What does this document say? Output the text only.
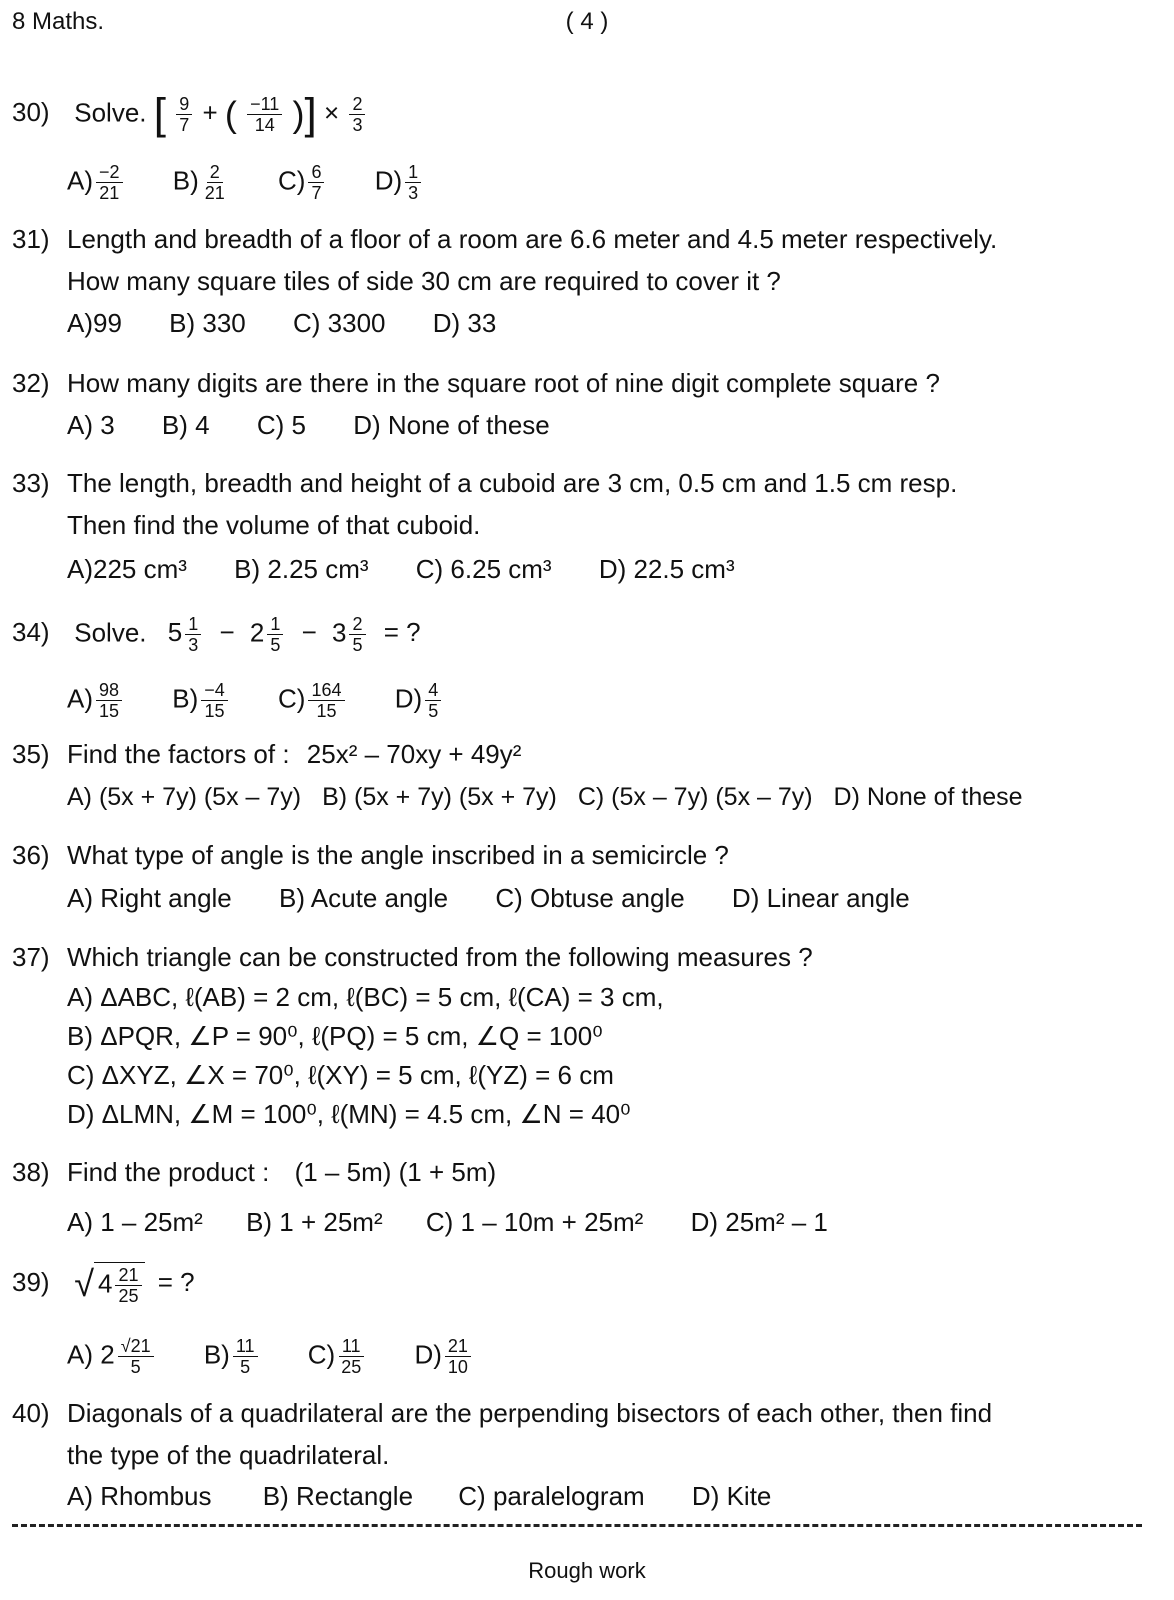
8 Maths.	( 4 )
30) Solve. [ $\frac{9}{7}$ + ( $\frac{-11}{14}$ )] × $\frac{2}{3}$
$A) \frac{-2}{21} B) \frac{2}{21} C) \frac{6}{7} D) \frac{1}{3}$
31) Length and breadth of a floor of a room are 6.6 meter and 4.5 meter respectively.
How many square tiles of side 30 cm are required to cover it ?
A)99 B) 330 C) 3300 D) 33
32) How many digits are there in the square root of nine digit complete square ?
A) 3 B) 4 C) 5 D) None of these
33) The length, breadth and height of a cuboid are 3 cm, 0.5 cm and 1.5 cm resp.
Then find the volume of that cuboid.
A)225 cm³ B) 2.25 cm³ C) 6.25 cm³ D) 22.5 cm³
34) Solve. $5 \frac{1}{3} - 2 \frac{1}{5} - 3 \frac{2}{5}$ = ?
$A) \frac{98}{15} B) \frac{-4}{15} C) \frac{164}{15} D) \frac{4}{5}$
35) Find the factors of : 25x² – 70xy + 49y²
A) (5x + 7y) (5x – 7y) B) (5x + 7y) (5x + 7y) C) (5x – 7y) (5x – 7y) D) None of these
36) What type of angle is the angle inscribed in a semicircle ?
A) Right angle B) Acute angle C) Obtuse angle D) Linear angle
37) Which triangle can be constructed from the following measures ?
A) ΔABC, ℓ(AB) = 2 cm, ℓ(BC) = 5 cm, ℓ(CA) = 3 cm,
B) ΔPQR, ∠P = 90⁰, ℓ(PQ) = 5 cm, ∠Q = 100⁰
C) ΔXYZ, ∠X = 70⁰, ℓ(XY) = 5 cm, ℓ(YZ) = 6 cm
D) ΔLMN, ∠M = 100⁰, ℓ(MN) = 4.5 cm, ∠N = 40⁰
38) Find the product : (1 – 5m) (1 + 5m)
A) 1 – 25m² B) 1 + 25m² C) 1 – 10m + 25m² D) 25m² – 1
39) √ $4 \frac{21}{25}$ = ?
A) $2 \frac{√21}{5} B) \frac{11}{5} C) \frac{11}{25} D) \frac{21}{10}$
40) Diagonals of a quadrilateral are the perpending bisectors of each other, then find
the type of the quadrilateral.
A) Rhombus B) Rectangle C) paralelogram D) Kite
Rough work
